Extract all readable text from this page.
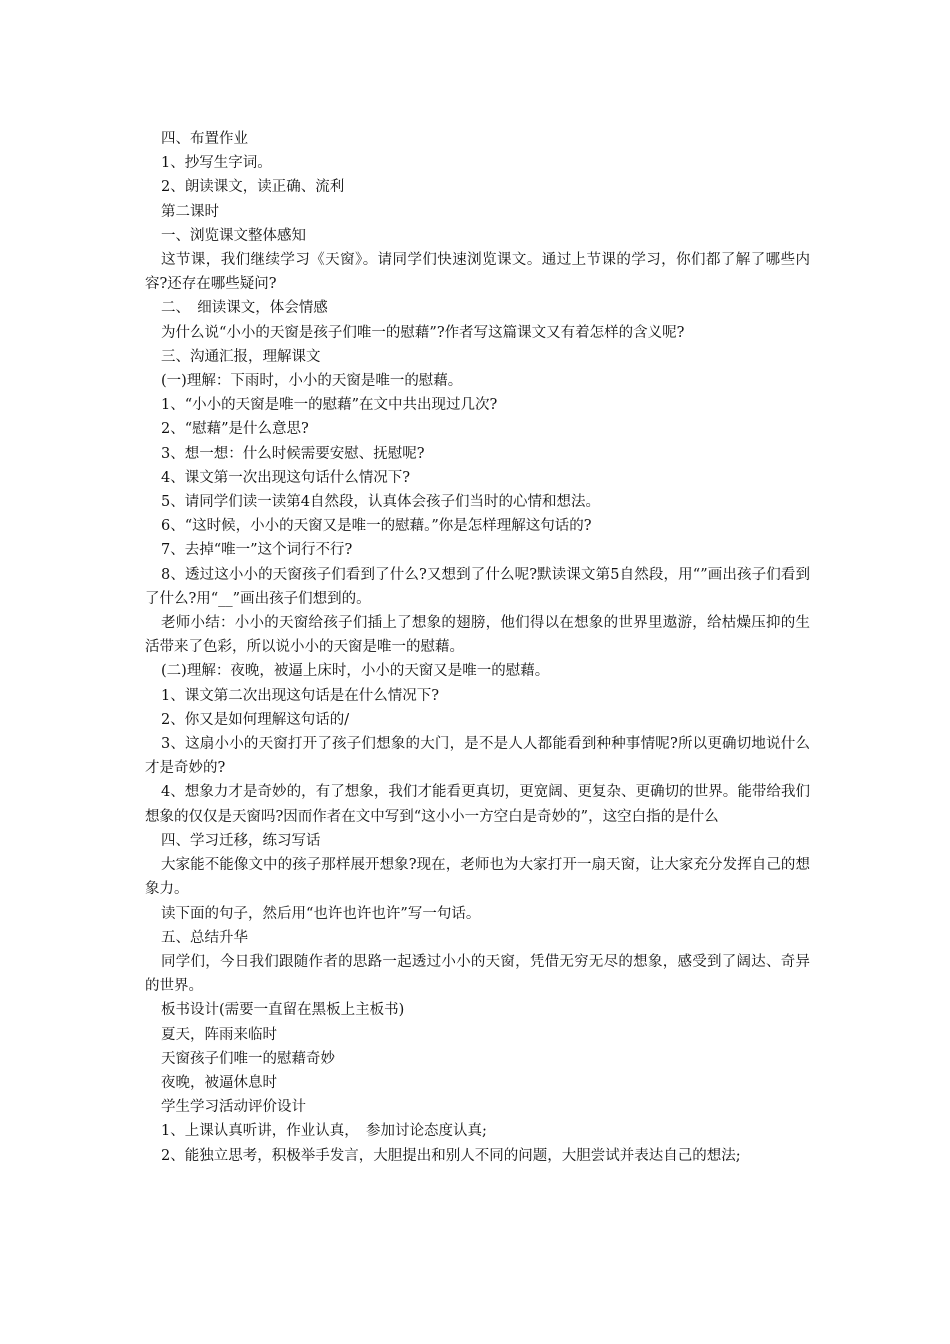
四、布置作业

1、抄写生字词。

2、朗读课文，读正确、流利

第二课时

一、浏览课文整体感知

这节课，我们继续学习《天窗》。请同学们快速浏览课文。通过上节课的学习，你们都了解了哪些内容?还存在哪些疑问?

二、　细读课文，体会情感

为什么说“小小的天窗是孩子们唯一的慰藉”?作者写这篇课文又有着怎样的含义呢?

三、沟通汇报，理解课文

(一)理解：下雨时，小小的天窗是唯一的慰藉。

1、“小小的天窗是唯一的慰藉”在文中共出现过几次?

2、“慰藉”是什么意思?

3、想一想：什么时候需要安慰、抚慰呢?

4、课文第一次出现这句话什么情况下?

5、请同学们读一读第4自然段，认真体会孩子们当时的心情和想法。

6、“这时候，小小的天窗又是唯一的慰藉。”你是怎样理解这句话的?

7、去掉“唯一”这个词行不行?

8、透过这小小的天窗孩子们看到了什么?又想到了什么呢?默读课文第5自然段，用“”画出孩子们看到了什么?用“__”画出孩子们想到的。

老师小结：小小的天窗给孩子们插上了想象的翅膀，他们得以在想象的世界里遨游，给枯燥压抑的生活带来了色彩，所以说小小的天窗是唯一的慰藉。

(二)理解：夜晚，被逼上床时，小小的天窗又是唯一的慰藉。

1、课文第二次出现这句话是在什么情况下?

2、你又是如何理解这句话的/

3、这扇小小的天窗打开了孩子们想象的大门，是不是人人都能看到种种事情呢?所以更确切地说什么才是奇妙的?

4、想象力才是奇妙的，有了想象，我们才能看更真切，更宽阔、更复杂、更确切的世界。能带给我们想象的仅仅是天窗吗?因而作者在文中写到“这小小一方空白是奇妙的”，这空白指的是什么

四、学习迁移，练习写话

大家能不能像文中的孩子那样展开想象?现在，老师也为大家打开一扇天窗，让大家充分发挥自己的想象力。

读下面的句子，然后用“也许也许也许”写一句话。

五、总结升华

同学们，今日我们跟随作者的思路一起透过小小的天窗，凭借无穷无尽的想象，感受到了阔达、奇异的世界。

板书设计(需要一直留在黑板上主板书)

夏天，阵雨来临时

天窗孩子们唯一的慰藉奇妙

夜晚，被逼休息时

学生学习活动评价设计

1、上课认真听讲，作业认真，　参加讨论态度认真;

2、能独立思考，积极举手发言，大胆提出和别人不同的问题，大胆尝试并表达自己的想法;
